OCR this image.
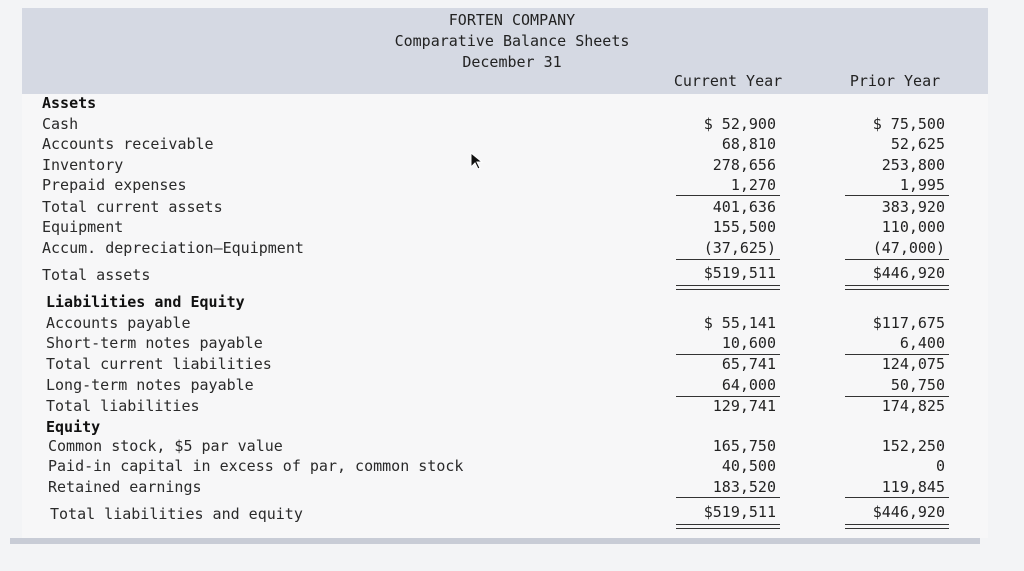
FORTEN COMPANY
Comparative Balance Sheets
December 31
Current Year	Prior Year
Assets
Cash	$ 52,900	$ 75,500
Accounts receivable	68,810	52,625
Inventory	278,656	253,800
Prepaid expenses	1,270	1,995
Total current assets	401,636	383,920
Equipment	155,500	110,000
Accum. depreciation—Equipment	(37,625)	(47,000)
Total assets	$519,511	$446,920
Liabilities and Equity
Accounts payable	$ 55,141	$117,675
Short-term notes payable	10,600	6,400
Total current liabilities	65,741	124,075
Long-term notes payable	64,000	50,750
Total liabilities	129,741	174,825
Equity
Common stock, $5 par value	165,750	152,250
Paid-in capital in excess of par, common stock	40,500	0
Retained earnings	183,520	119,845
Total liabilities and equity	$519,511	$446,920
